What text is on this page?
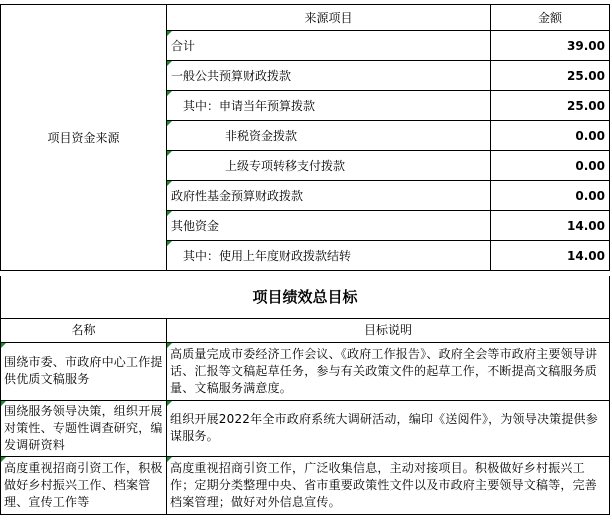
项目资金来源	来源项目	金额
	合计	39.00
	一般公共预算财政拨款	25.00
	其中：申请当年预算拨款	25.00
	非税资金拨款	0.00
	上级专项转移支付拨款	0.00
	政府性基金预算财政拨款	0.00
	其他资金	14.00
	其中：使用上年度财政拨款结转	14.00
项目绩效总目标	
名称	目标说明
围绕市委、市政府中心工作提供优质文稿服务	高质量完成市委经济工作会议、《政府工作报告》、政府全会等市政府主要领导讲话、汇报等文稿起草任务，参与有关政策文件的起草工作，不断提高文稿服务质量、文稿服务满意度。
围绕服务领导决策，组织开展对策性、专题性调查研究，编发调研资料	组织开展2022年全市政府系统大调研活动，编印《送阅件》，为领导决策提供参谋服务。
高度重视招商引资工作，积极做好乡村振兴工作、档案管理、宣传工作等	高度重视招商引资工作，广泛收集信息，主动对接项目。积极做好乡村振兴工作；定期分类整理中央、省市重要政策性文件以及市政府主要领导文稿等，完善档案管理；做好对外信息宣传。
